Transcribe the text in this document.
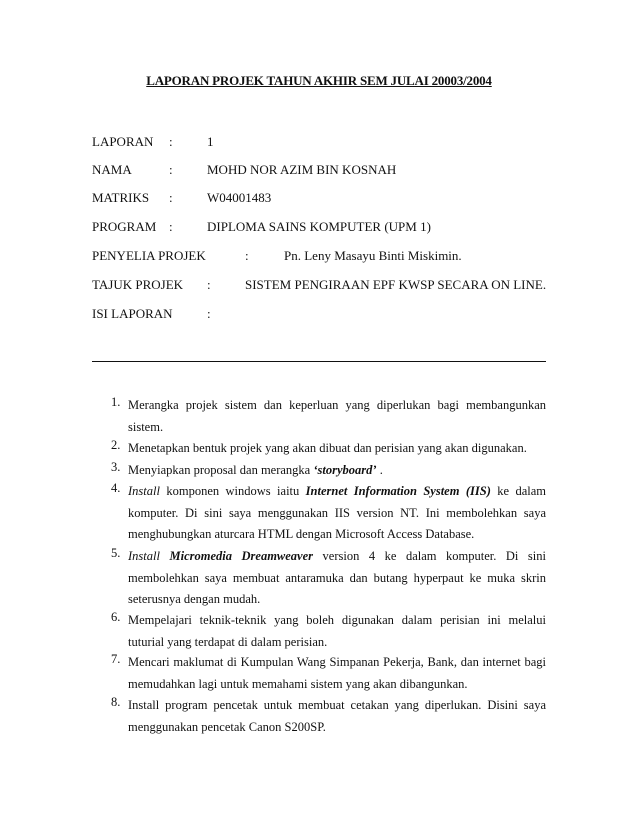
LAPORAN PROJEK TAHUN AKHIR SEM JULAI 20003/2004
LAPORAN :	1
NAMA	:	MOHD NOR AZIM BIN KOSNAH
MATRIKS :	W04001483
PROGRAM :	DIPLOMA SAINS KOMPUTER (UPM 1)
PENYELIA PROJEK	:	Pn. Leny Masayu Binti Miskimin.
TAJUK PROJEK :	SISTEM PENGIRAAN EPF KWSP SECARA ON LINE.
ISI LAPORAN	:
1. Merangka projek sistem dan keperluan yang diperlukan bagi membangunkan sistem.
2. Menetapkan bentuk projek yang akan dibuat dan perisian yang akan digunakan.
3. Menyiapkan proposal dan merangka ‘storyboard’ .
4. Install komponen windows iaitu Internet Information System (IIS) ke dalam komputer. Di sini saya menggunakan IIS version NT. Ini membolehkan saya menghubungkan aturcara HTML dengan Microsoft Access Database.
5. Install Micromedia Dreamweaver version 4 ke dalam komputer. Di sini membolehkan saya membuat antaramuka dan butang hyperpaut ke muka skrin seterusnya dengan mudah.
6. Mempelajari teknik-teknik yang boleh digunakan dalam perisian ini melalui tuturial yang terdapat di dalam perisian.
7. Mencari maklumat di Kumpulan Wang Simpanan Pekerja, Bank, dan internet bagi memudahkan lagi untuk memahami sistem yang akan dibangunkan.
8. Install program pencetak untuk membuat cetakan yang diperlukan. Disini saya menggunakan pencetak Canon S200SP.
